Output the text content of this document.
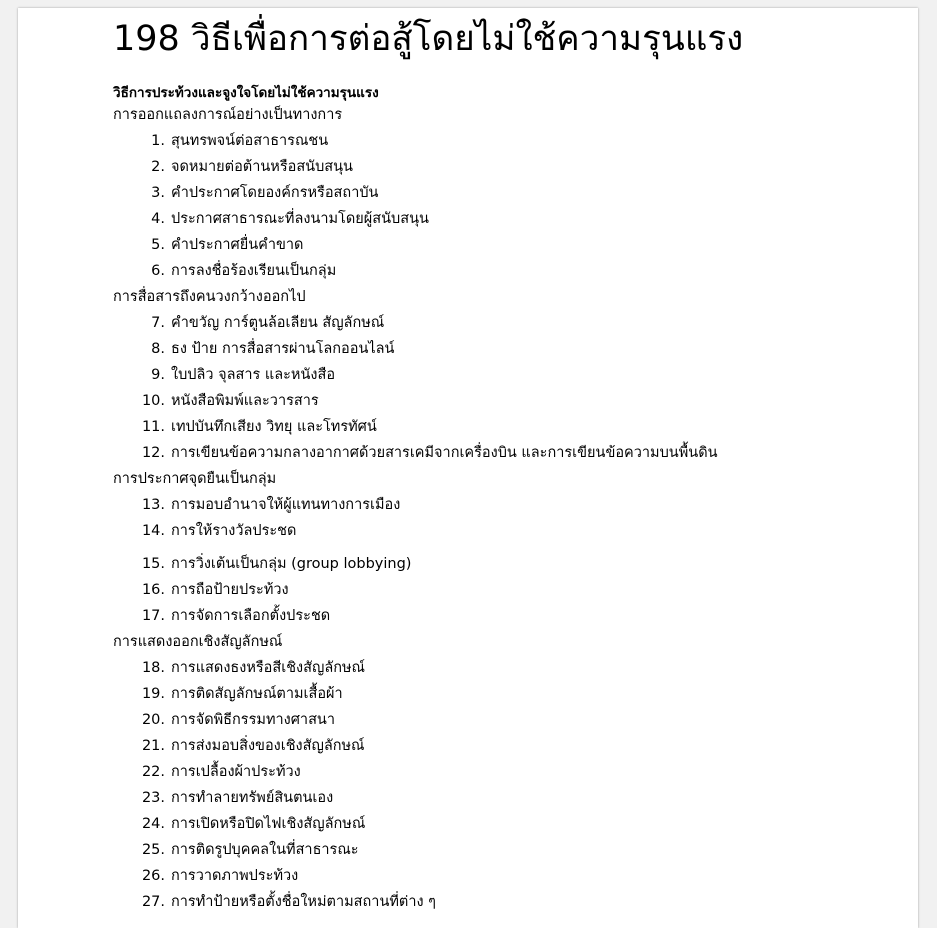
198 วิธีเพื่อการต่อสู้โดยไม่ใช้ความรุนแรง
วิธีการประท้วงและจูงใจโดยไม่ใช้ความรุนแรง
การออกแถลงการณ์อย่างเป็นทางการ
1. สุนทรพจน์ต่อสาธารณชน
2. จดหมายต่อต้านหรือสนับสนุน
3. คำประกาศโดยองค์กรหรือสถาบัน
4. ประกาศสาธารณะที่ลงนามโดยผู้สนับสนุน
5. คำประกาศยื่นคำขาด
6. การลงชื่อร้องเรียนเป็นกลุ่ม
การสื่อสารถึงคนวงกว้างออกไป
7. คำขวัญ การ์ตูนล้อเลียน สัญลักษณ์
8. ธง ป้าย การสื่อสารผ่านโลกออนไลน์
9. ใบปลิว จุลสาร และหนังสือ
10. หนังสือพิมพ์และวารสาร
11. เทปบันทึกเสียง วิทยุ และโทรทัศน์
12. การเขียนข้อความกลางอากาศด้วยสารเคมีจากเครื่องบิน และการเขียนข้อความบนพื้นดิน
การประกาศจุดยืนเป็นกลุ่ม
13. การมอบอำนาจให้ผู้แทนทางการเมือง
14. การให้รางวัลประชด
15. การวิ่งเต้นเป็นกลุ่ม (group lobbying)
16. การถือป้ายประท้วง
17. การจัดการเลือกตั้งประชด
การแสดงออกเชิงสัญลักษณ์
18. การแสดงธงหรือสีเชิงสัญลักษณ์
19. การติดสัญลักษณ์ตามเสื้อผ้า
20. การจัดพิธีกรรมทางศาสนา
21. การส่งมอบสิ่งของเชิงสัญลักษณ์
22. การเปลื้องผ้าประท้วง
23. การทำลายทรัพย์สินตนเอง
24. การเปิดหรือปิดไฟเชิงสัญลักษณ์
25. การติดรูปบุคคลในที่สาธารณะ
26. การวาดภาพประท้วง
27. การทำป้ายหรือตั้งชื่อใหม่ตามสถานที่ต่าง ๆ
